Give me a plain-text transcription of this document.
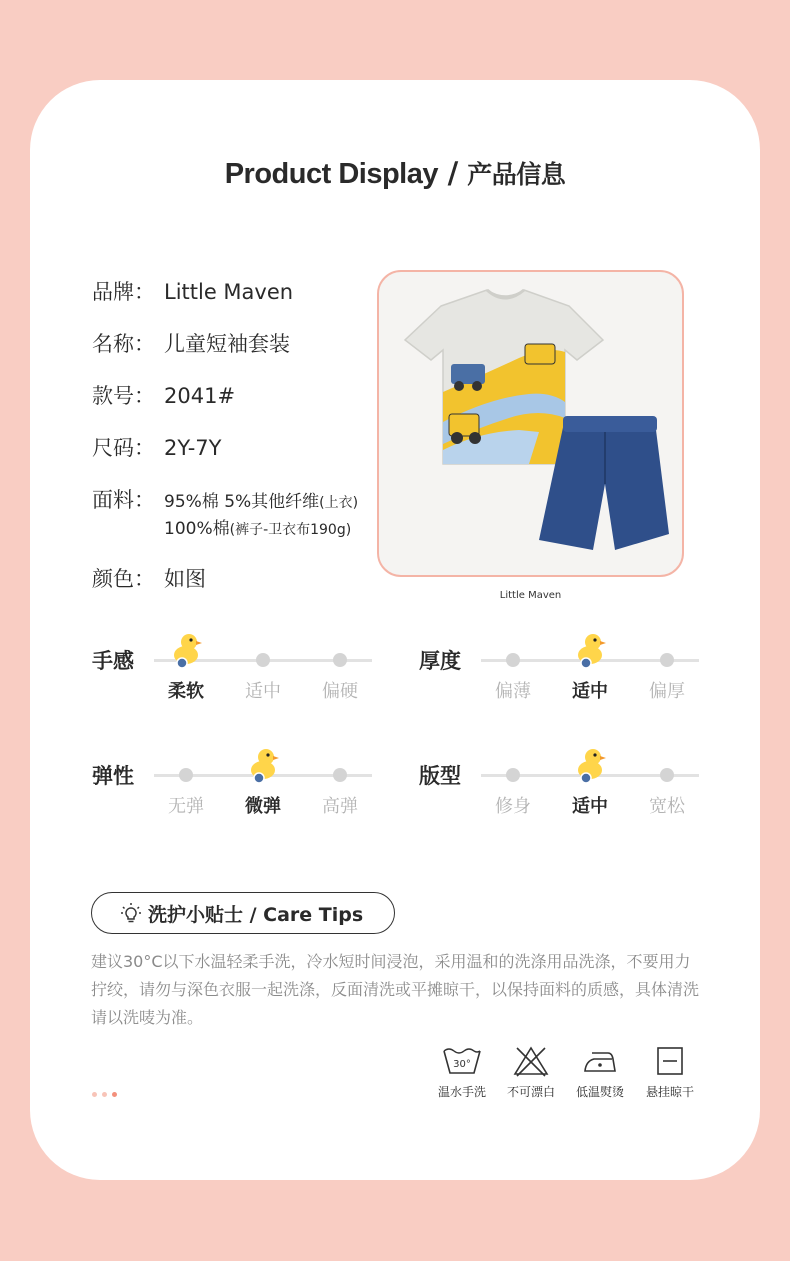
Product Display / 产品信息
品牌： Little Maven
名称： 儿童短袖套装
款号： 2041#
尺码： 2Y-7Y
面料： 95%棉 5%其他纤维(上衣)
100%棉(裤子-卫衣布190g)
颜色： 如图
Little Maven
手感
柔软	适中	偏硬
厚度
偏薄	适中	偏厚
弹性
无弹	微弹	高弹
版型
修身	适中	宽松
洗护小贴士 / Care Tips
建议30°C以下水温轻柔手洗，冷水短时间浸泡，采用温和的洗涤用品洗涤，不要用力拧绞，请勿与深色衣服一起洗涤，反面清洗或平摊晾干，以保持面料的质感，具体清洗请以洗唛为准。
30°
温水手洗	不可漂白	低温熨烫	悬挂晾干
